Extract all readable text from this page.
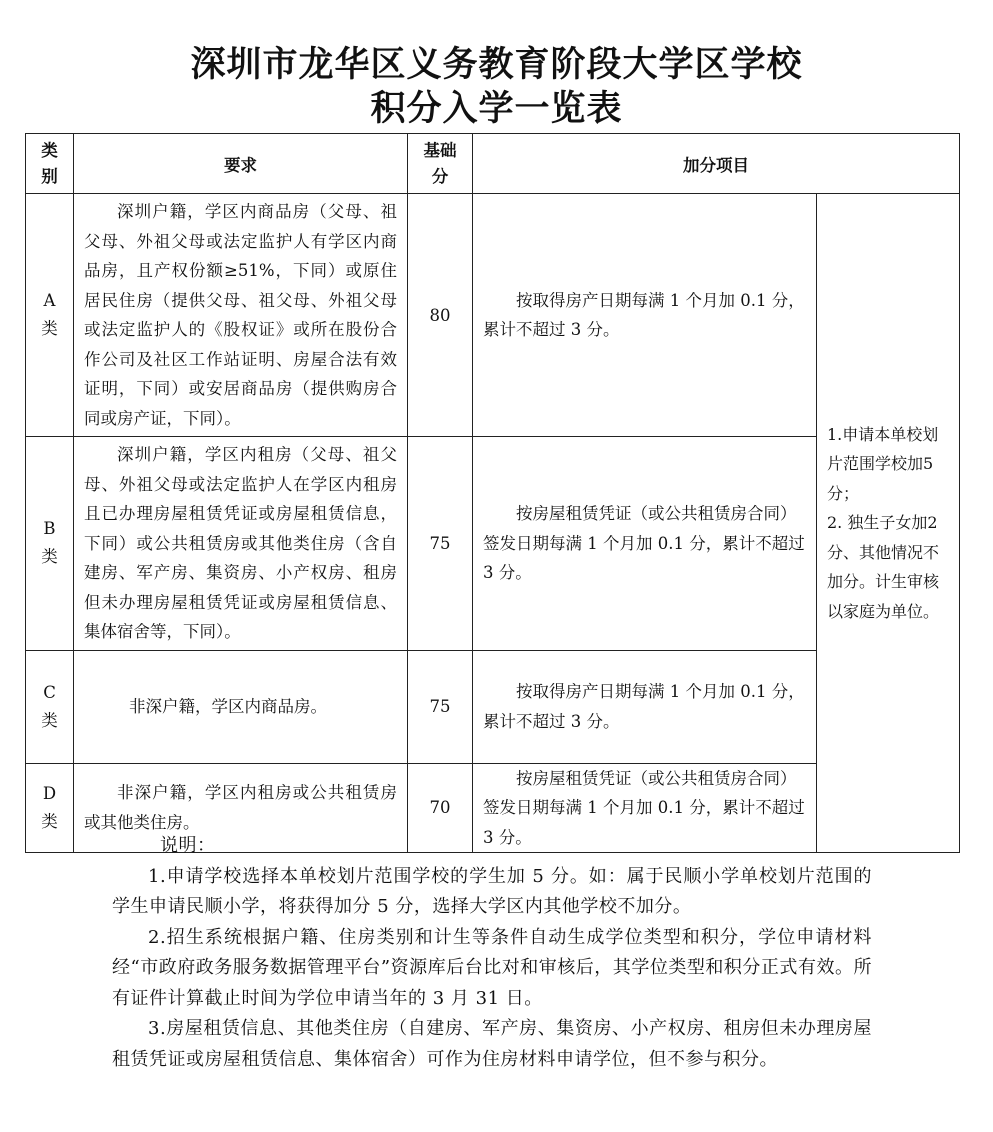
深圳市龙华区义务教育阶段大学区学校
积分入学一览表
类别	要求	基础分	加分项目	
A类	深圳户籍，学区内商品房（父母、祖父母、外祖父母或法定监护人有学区内商品房，且产权份额≥51%，下同）或原住居民住房（提供父母、祖父母、外祖父母或法定监护人的《股权证》或所在股份合作公司及社区工作站证明、房屋合法有效证明，下同）或安居商品房（提供购房合同或房产证，下同）。	80	按取得房产日期每满 1 个月加 0.1 分，累计不超过 3 分。	1.申请本单校划片范围学校加5分；
2. 独生子女加2分、其他情况不加分。计生审核以家庭为单位。
B类	深圳户籍，学区内租房（父母、祖父母、外祖父母或法定监护人在学区内租房且已办理房屋租赁凭证或房屋租赁信息，下同）或公共租赁房或其他类住房（含自建房、军产房、集资房、小产权房、租房但未办理房屋租赁凭证或房屋租赁信息、集体宿舍等，下同）。	75	按房屋租赁凭证（或公共租赁房合同）签发日期每满 1 个月加 0.1 分，累计不超过 3 分。	

C类	非深户籍，学区内商品房。	75	按取得房产日期每满 1 个月加 0.1 分，累计不超过 3 分。	

D类	非深户籍，学区内租房或公共租赁房或其他类住房。	70	按房屋租赁凭证（或公共租赁房合同）签发日期每满 1 个月加 0.1 分，累计不超过 3 分。	
说明：
1.申请学校选择本单校划片范围学校的学生加 5 分。如：属于民顺小学单校划片范围的学生申请民顺小学，将获得加分 5 分，选择大学区内其他学校不加分。
2.招生系统根据户籍、住房类别和计生等条件自动生成学位类型和积分，学位申请材料经“市政府政务服务数据管理平台”资源库后台比对和审核后，其学位类型和积分正式有效。所有证件计算截止时间为学位申请当年的 3 月 31 日。
3.房屋租赁信息、其他类住房（自建房、军产房、集资房、小产权房、租房但未办理房屋租赁凭证或房屋租赁信息、集体宿舍）可作为住房材料申请学位，但不参与积分。
